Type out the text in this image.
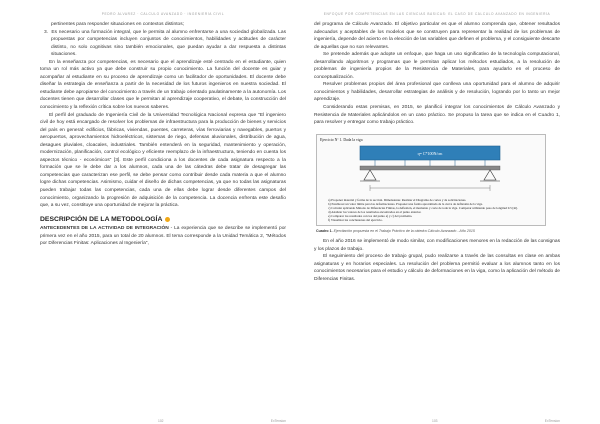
PEDRO ÁLVAREZ · CÁLCULO AVANZADO · INGENIERÍA CIVIL
pertinentes para responder situaciones en contextos distintos;
3.  Es necesario una formación integral, que le permita al alumno enfrentarse a una sociedad globalizada. Las propuestas por competencias incluyen conjuntos de conocimientos, habilidades y actitudes de carácter distinto, no solo cognitivas sino también emocionales, que puedan ayudar a dar respuesta a distintas situaciones.

En la enseñanza por competencias, es necesario que el aprendizaje esté centrado en el estudiante, quien toma un rol más activo ya que debe construir su propio conocimiento. La función del docente es guiar y acompañar al estudiante en su proceso de aprendizaje como un facilitador de oportunidades. El docente debe diseñar la estrategia de enseñanza a partir de la necesidad de los futuros ingenieros en nuestra sociedad. El estudiante debe apropiarse del conocimiento a través de un trabajo orientado paulatinamente a la autonomía. Los docentes tienen que desarrollar clases que le permitan al aprendizaje cooperativo, el debate, la construcción del conocimiento y la reflexión crítica sobre los nuevos saberes.

El perfil del graduado de Ingeniería Civil de la Universidad Tecnológica Nacional expresa que "El ingeniero civil de hoy está encargado de resolver los problemas de infraestructura para la producción de bienes y servicios del país en general: edificios, fábricas, viviendas, puentes, carreteras, vías ferroviarias y navegables, puertos y aeropuertos, aprovechamientos hidroeléctricos, sistemas de riego, defensas aluvionales, distribución de agua, desagues pluviales, cloacales, industriales. También entenderá en la seguridad, mantenimiento y operación, modernización, planificación, control ecológico y eficiente reemplazo de la infraestructura, teniendo en cuenta los aspectos técnico - económicos" [3]. Este perfil condiciona a los docentes de cada asignatura respecto a la formación que se le debe dar a los alumnos, cada una de las cátedras debe tratar de desagregar las competencias que caracterizan ese perfil, se debe pensar como contribuir desde cada materia a que el alumno logre dichas competencias. Asimismo, cuidar el diseño de dichas competencias, ya que no todas las asignaturas pueden trabajar todas las competencias, cada una de ellas debe lograr desde diferentes campos del conocimiento, organizando la progresión de adquisición de la competencia. La docencia enfrenta este desafío que, a su vez, constituye una oportunidad de mejorar la práctica.

DESCRIPCIÓN DE LA METODOLOGÍA

ANTECEDENTES DE LA ACTIVIDAD DE INTEGRACIÓN - La experiencia que se describe se implementó por primera vez en el año 2015, para un total de 20 alumnos. El tema corresponde a la Unidad Temática 2, "Métodos por Diferencias Finitas: Aplicaciones al Ingeniería",

102	ExTension
ENFOQUE POR COMPETENCIAS EN LAS CIENCIAS BÁSICAS: EL CASO DE CÁLCULO AVANZADO EN INGENIERÍA

del programa de Cálculo Avanzado. El objetivo particular es que el alumno comprenda que, obtener resultados adecuados y aceptables de los modelos que se construyen para representar la realidad de los problemas de ingeniería, depende del acierto en la elección de las variables que definen el problema, y el consiguiente descarte de aquellas que no son relevantes.

Se pretende además que adopte un enfoque, que haga un uso significativo de la tecnología computacional, desarrollando algoritmos y programas que le permitan aplicar los métodos estudiados, a la resolución de problemas de ingeniería propios de la Resistencia de Materiales, para ayudarlo en el proceso de conceptualización.

Resolver problemas propios del área profesional que conlleva una oportunidad para el alumno de adquirir conocimientos y habilidades, desarrollar estrategias de análisis y de resolución, logrando por lo tanto un mejor aprendizaje.

Considerando estas premisas, en 2015, se planificó integrar los conocimientos de Cálculo Avanzado y Resistencia de Materiales aplicándolos en un caso práctico. Se propuso la tarea que se indica en el Cuadro 1, para resolver y entregar como trabajo práctico.

Ejercicio Nº 1. Dada la viga
q= C*100N/cm
a) Proponer material y forma de la sección. Dimensionar. Realizar el Diagrama de cortes y de solicitaciones.
b) Establecer un valor límite para las deformaciones. Proponer una forma aproximada de la curva de deflexión de la viga.
c) Calcular aplicando Método de Diferencias Finitas, la deflexión, el momento y corte de toda la viga. Comparar utilizando paso de longitud 0.5 [m].
d) Analizar los valores de los resultados encontrados en el punto anterior.
e) Comparar los resultados con los del punto a) y c) del problema.
f) Visualizar las conclusiones del ejercicio.
Cuadro 1. Ejercitación propuesta en el Trabajo Práctico de la cátedra Cálculo Avanzado - Año 2015

En el año 2016 se implementó de modo similar, con modificaciones menores en la redacción de las consignas y los plazos de trabajo.

El seguimiento del proceso de trabajo grupal, pudo realizarse a través de las consultas en clase en ambas asignaturas y en horarios especiales. La resolución del problema permitió evaluar a los alumnos tanto en los conocimientos necesarios para el estudio y cálculo de deformaciones en la viga, como la aplicación del método de Diferencias Finitas.

103	ExTension
